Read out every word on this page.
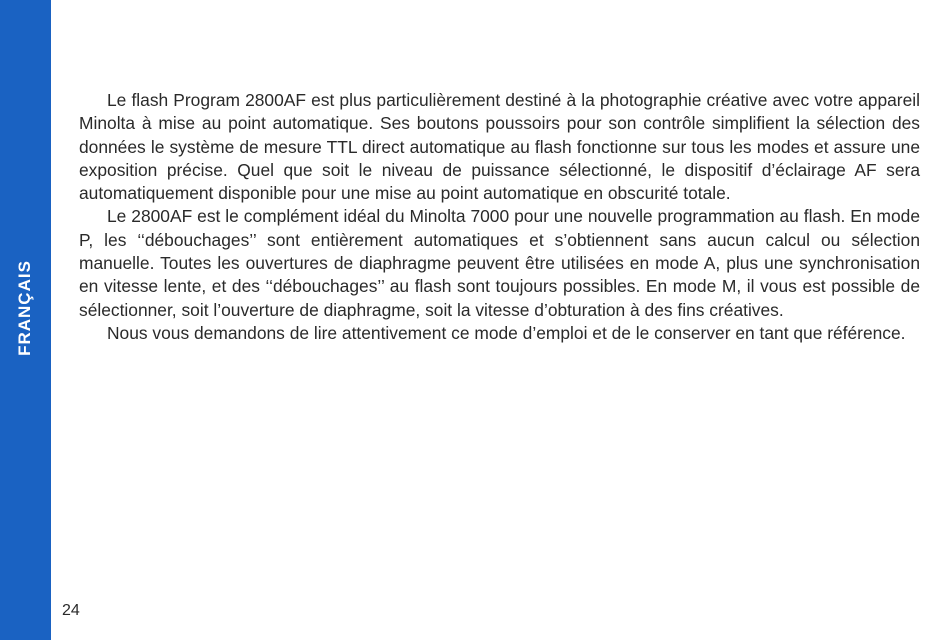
FRANÇAIS

Le flash Program 2800AF est plus particulièrement destiné à la photographie créative avec votre appareil Minolta à mise au point automatique. Ses boutons poussoirs pour son contrôle simplifient la sélection des données le système de mesure TTL direct automatique au flash fonctionne sur tous les modes et assure une exposition précise. Quel que soit le niveau de puissance sélectionné, le dispositif d’éclairage AF sera automatiquement disponible pour une mise au point automatique en obscurité totale.

Le 2800AF est le complément idéal du Minolta 7000 pour une nouvelle programmation au flash. En mode P, les ‘‘débouchages’’ sont entièrement automatiques et s’obtiennent sans aucun calcul ou sélection manuelle. Toutes les ouvertures de diaphragme peuvent être utilisées en mode A, plus une synchronisation en vitesse lente, et des ‘‘débouchages’’ au flash sont toujours possibles. En mode M, il vous est possible de sélectionner, soit l’ouverture de diaphragme, soit la vitesse d’obturation à des fins créatives.

Nous vous demandons de lire attentivement ce mode d’emploi et de le conserver en tant que référence.

24
